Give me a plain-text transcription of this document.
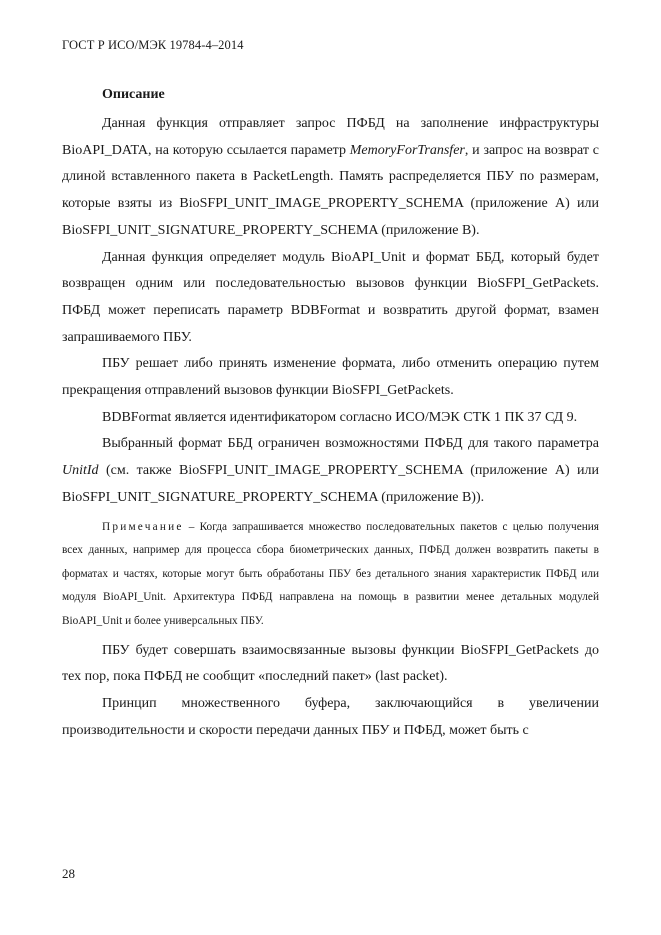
ГОСТ Р ИСО/МЭК 19784-4–2014

Описание

Данная функция отправляет запрос ПФБД на заполнение инфраструктуры BioAPI_DATA, на которую ссылается параметр MemoryForTransfer, и запрос на возврат с длиной вставленного пакета в PacketLength. Память распределяется ПБУ по размерам, которые взяты из BioSFPI_UNIT_IMAGE_PROPERTY_SCHEMA (приложение А) или BioSFPI_UNIT_SIGNATURE_PROPERTY_SCHEMA (приложение В).

Данная функция определяет модуль BioAPI_Unit и формат ББД, который будет возвращен одним или последовательностью вызовов функции BioSFPI_GetPackets. ПФБД может переписать параметр BDBFormat и возвратить другой формат, взамен запрашиваемого ПБУ.

ПБУ решает либо принять изменение формата, либо отменить операцию путем прекращения отправлений вызовов функции BioSFPI_GetPackets.

BDBFormat является идентификатором согласно ИСО/МЭК СТК 1 ПК 37 СД 9.

Выбранный формат ББД ограничен возможностями ПФБД для такого параметра UnitId (см. также BioSFPI_UNIT_IMAGE_PROPERTY_SCHEMA (приложение А) или BioSFPI_UNIT_SIGNATURE_PROPERTY_SCHEMA (приложение В)).

Примечание – Когда запрашивается множество последовательных пакетов с целью получения всех данных, например для процесса сбора биометрических данных, ПФБД должен возвратить пакеты в форматах и частях, которые могут быть обработаны ПБУ без детального знания характеристик ПФБД или модуля BioAPI_Unit. Архитектура ПФБД направлена на помощь в развитии менее детальных модулей BioAPI_Unit и более универсальных ПБУ.

ПБУ будет совершать взаимосвязанные вызовы функции BioSFPI_GetPackets до тех пор, пока ПФБД не сообщит «последний пакет» (last packet).

Принцип множественного буфера, заключающийся в увеличении производительности и скорости передачи данных ПБУ и ПФБД, может быть с

28
